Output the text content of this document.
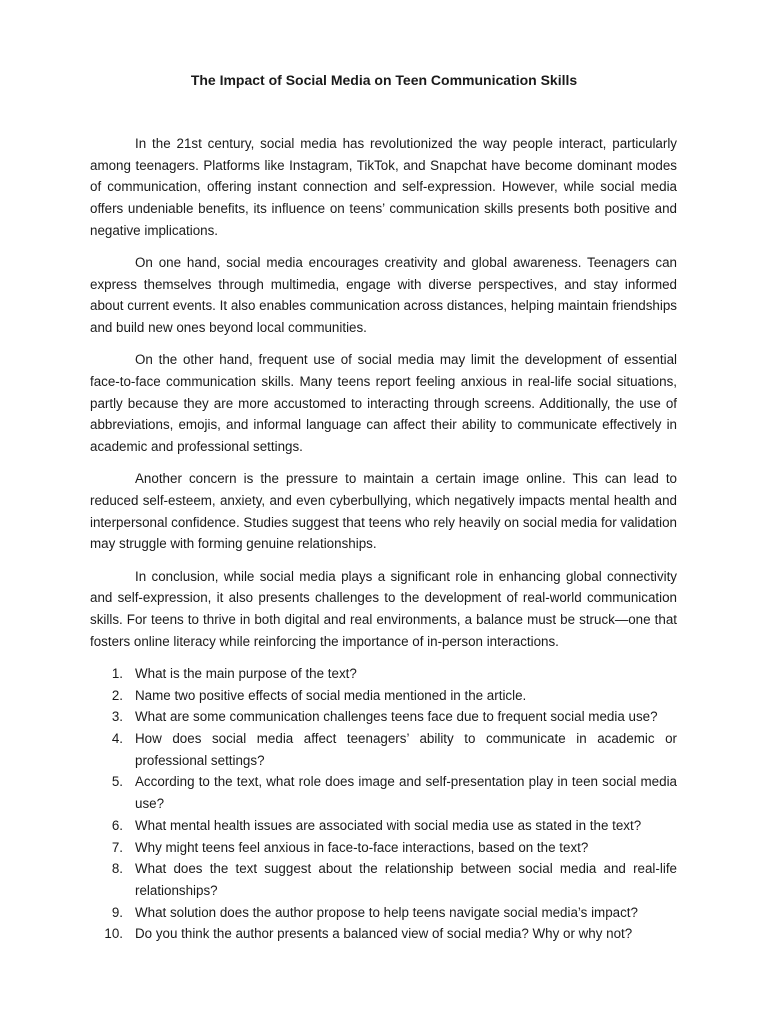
The Impact of Social Media on Teen Communication Skills

In the 21st century, social media has revolutionized the way people interact, particularly among teenagers. Platforms like Instagram, TikTok, and Snapchat have become dominant modes of communication, offering instant connection and self-expression. However, while social media offers undeniable benefits, its influence on teens’ communication skills presents both positive and negative implications.

On one hand, social media encourages creativity and global awareness. Teenagers can express themselves through multimedia, engage with diverse perspectives, and stay informed about current events. It also enables communication across distances, helping maintain friendships and build new ones beyond local communities.

On the other hand, frequent use of social media may limit the development of essential face-to-face communication skills. Many teens report feeling anxious in real-life social situations, partly because they are more accustomed to interacting through screens. Additionally, the use of abbreviations, emojis, and informal language can affect their ability to communicate effectively in academic and professional settings.

Another concern is the pressure to maintain a certain image online. This can lead to reduced self-esteem, anxiety, and even cyberbullying, which negatively impacts mental health and interpersonal confidence. Studies suggest that teens who rely heavily on social media for validation may struggle with forming genuine relationships.

In conclusion, while social media plays a significant role in enhancing global connectivity and self-expression, it also presents challenges to the development of real-world communication skills. For teens to thrive in both digital and real environments, a balance must be struck—one that fosters online literacy while reinforcing the importance of in-person interactions.

1. What is the main purpose of the text?
2. Name two positive effects of social media mentioned in the article.
3. What are some communication challenges teens face due to frequent social media use?
4. How does social media affect teenagers’ ability to communicate in academic or professional settings?
5. According to the text, what role does image and self-presentation play in teen social media use?
6. What mental health issues are associated with social media use as stated in the text?
7. Why might teens feel anxious in face-to-face interactions, based on the text?
8. What does the text suggest about the relationship between social media and real-life relationships?
9. What solution does the author propose to help teens navigate social media’s impact?
10. Do you think the author presents a balanced view of social media? Why or why not?
